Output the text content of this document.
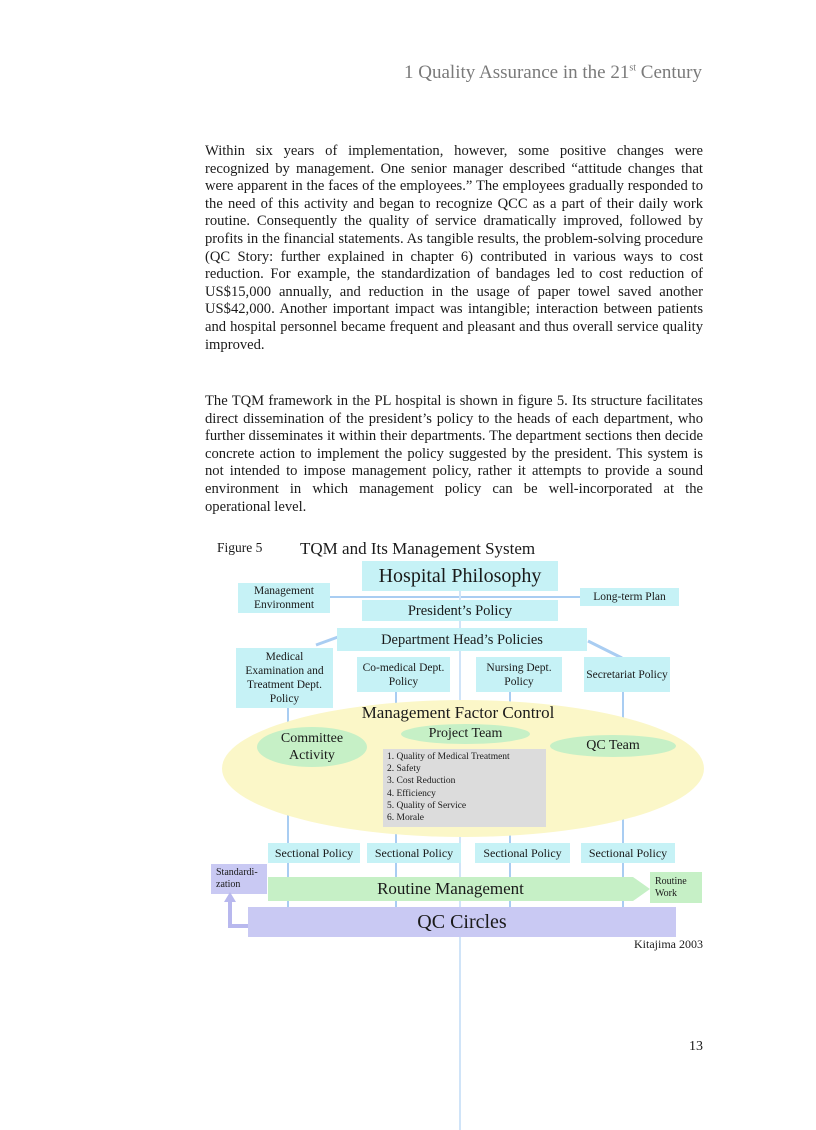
1 Quality Assurance in the 21st Century

Within six years of implementation, however, some positive changes were recognized by management. One senior manager described “attitude changes that were apparent in the faces of the employees.” The employees gradually responded to the need of this activity and began to recognize QCC as a part of their daily work routine. Consequently the quality of service dramatically improved, followed by profits in the financial statements. As tangible results, the problem-solving procedure (QC Story: further explained in chapter 6) contributed in various ways to cost reduction. For example, the standardization of bandages led to cost reduction of US$15,000 annually, and reduction in the usage of paper towel saved another US$42,000. Another important impact was intangible; interaction between patients and hospital personnel became frequent and pleasant and thus overall service quality improved.

The TQM framework in the PL hospital is shown in figure 5. Its structure facilitates direct dissemination of the president’s policy to the heads of each department, who further disseminates it within their departments. The department sections then decide concrete action to implement the policy suggested by the president. This system is not intended to impose management policy, rather it attempts to provide a sound environment in which management policy can be well-incorporated at the operational level.

Figure 5 TQM and Its Management System
Hospital Philosophy
Management Environment
Long-term Plan
President’s Policy
Department Head’s Policies
Medical Examination and Treatment Dept. Policy
Co-medical Dept. Policy
Nursing Dept. Policy
Secretariat Policy
Management Factor Control
Committee Activity
Project Team
QC Team
1. Quality of Medical Treatment
2. Safety
3. Cost Reduction
4. Efficiency
5. Quality of Service
6. Morale
Sectional Policy	Sectional Policy	Sectional Policy	Sectional Policy
Standardi-zation	Routine Management	Routine Work
QC Circles
Kitajima 2003
13
